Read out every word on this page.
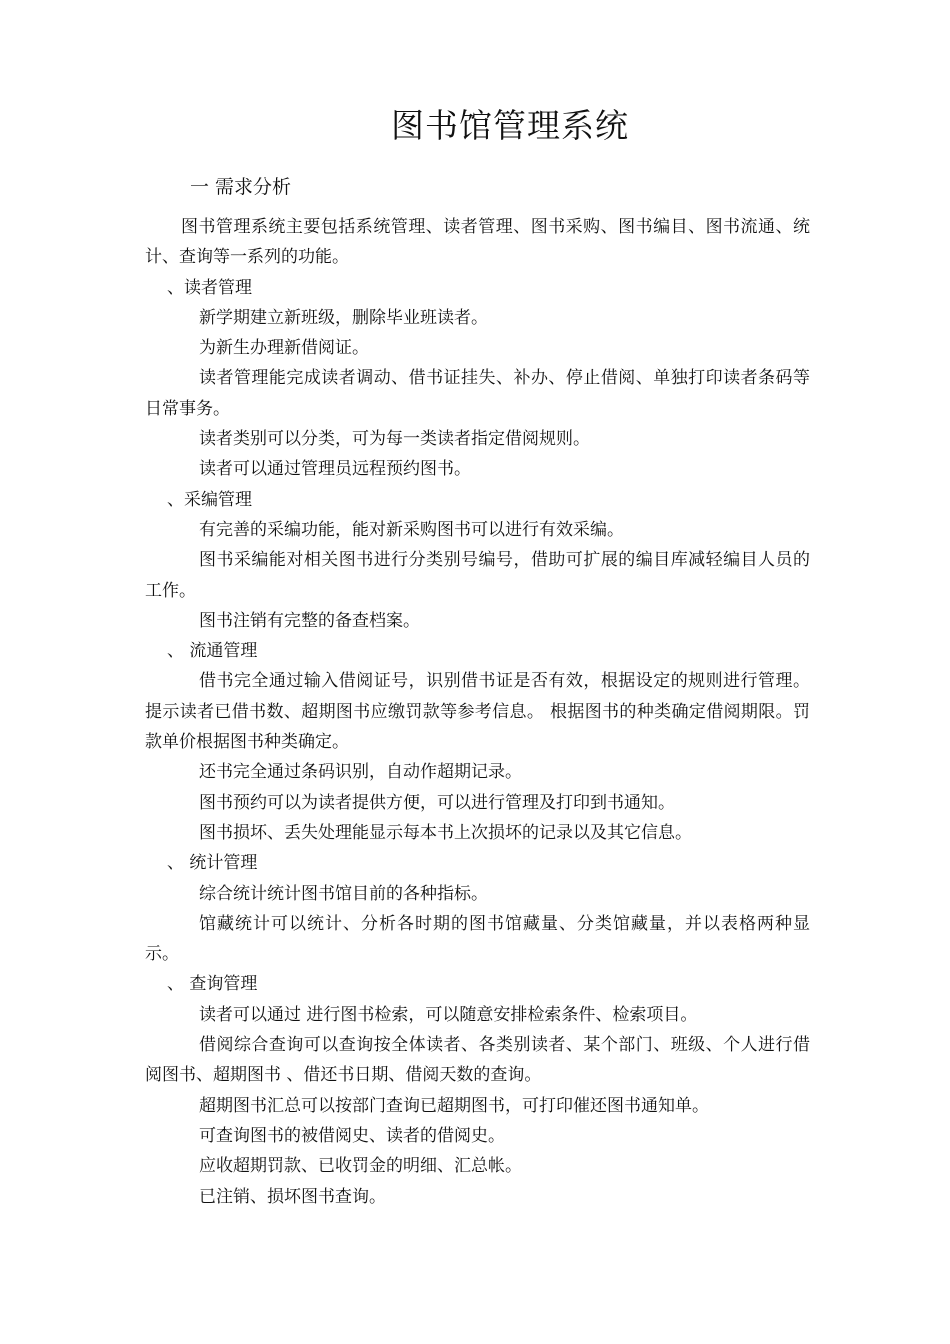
图书馆管理系统
一 需求分析

图书管理系统主要包括系统管理、读者管理、图书采购、图书编目、图书流通、统计、查询等一系列的功能。

、读者管理

新学期建立新班级，删除毕业班读者。

为新生办理新借阅证。

读者管理能完成读者调动、借书证挂失、补办、停止借阅、单独打印读者条码等日常事务。

读者类别可以分类，可为每一类读者指定借阅规则。

读者可以通过管理员远程预约图书。

、采编管理

有完善的采编功能，能对新采购图书可以进行有效采编。

图书采编能对相关图书进行分类别号编号，借助可扩展的编目库减轻编目人员的工作。

图书注销有完整的备查档案。

、 流通管理

借书完全通过输入借阅证号，识别借书证是否有效，根据设定的规则进行管理。提示读者已借书数、超期图书应缴罚款等参考信息。 根据图书的种类确定借阅期限。罚款单价根据图书种类确定。

还书完全通过条码识别，自动作超期记录。

图书预约可以为读者提供方便，可以进行管理及打印到书通知。

图书损坏、丢失处理能显示每本书上次损坏的记录以及其它信息。

、 统计管理

综合统计统计图书馆目前的各种指标。

馆藏统计可以统计、分析各时期的图书馆藏量、分类馆藏量，并以表格两种显示。

、 查询管理

读者可以通过 进行图书检索，可以随意安排检索条件、检索项目。

借阅综合查询可以查询按全体读者、各类别读者、某个部门、班级、个人进行借阅图书、超期图书 、借还书日期、借阅天数的查询。

超期图书汇总可以按部门查询已超期图书，可打印催还图书通知单。

可查询图书的被借阅史、读者的借阅史。

应收超期罚款、已收罚金的明细、汇总帐。

已注销、损坏图书查询。
